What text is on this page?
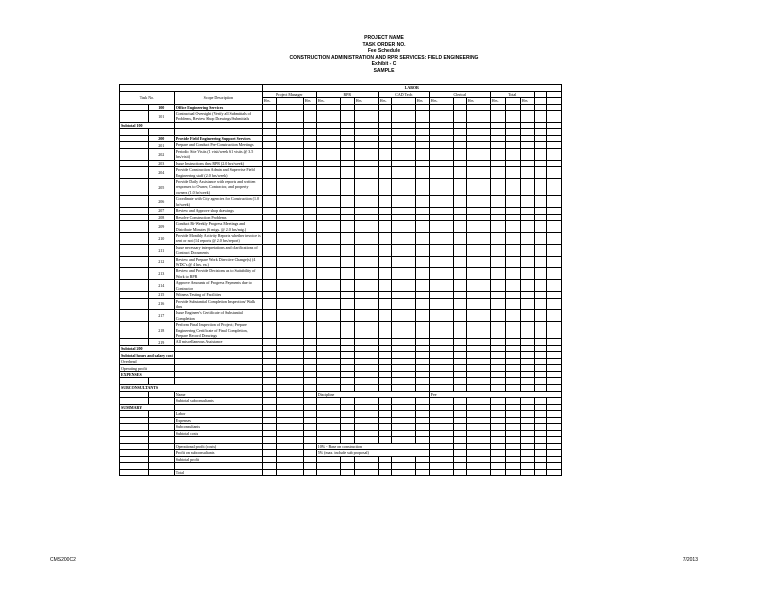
PROJECT NAME
TASK ORDER NO.
Fee Schedule
CONSTRUCTION ADMINISTRATION AND RPR SERVICES: FIELD ENGINEERING
Exhibit - C
SAMPLE
			LABOR																
Task No.		Scope Description	Project Manager			RPR			CAD Tech			Clerical			Total				
			Hrs.		Hrs	Hrs.		Hrs	Hrs.		Hrs	Hrs.		Hrs	Hrs.		Hrs		
	100	Office Engineering Services																	
	101	Contractual Oversight (Verify all Submittals of Problems, Review Shop Drawings/Submittals																	

Subtotal 100																			

	200	Provide Field Engineering Support Services																	
	201	Prepare and Conduct Pre-Construction Meetings																	
	202	Periodic Site Visits (1 visit/week 61 visits @ 3.5 hrs/visit)																	

	203	Issue Instructions thru RPR (2.0 hrs/week)																	
	204	Provide Construction Admin and Supervise Field Engineering staff (2.0 hrs/week)																	

	205	Provide Daily Assistance with reports and written responses to Owner, Contractor, and property owners (1.0 hr/week)																	

	206	Coordinate with City agencies for Construction (1.0 hr/week)																	

	207	Review and Approve shop drawings																	
	208	Resolve Construction Problems																	
	209	Conduct Bi-Weekly Progress Meetings and Distribute Minutes (6 mtgs. @ 2.0 hrs/mtg.)																	

	210	Provide Monthly Activity Reports whether invoice is sent or not (14 reports @ 2.0 hrs/report)																	

	211	Issue necessary interpretations and clarifications of Contract Documents																	

	212	Review and Prepare Work Directive Change(s) (4 WDC's @ 4 hrs. ea.)																	

	213	Review and Provide Decisions as to Suitability of Work to RPR																	

	214	Approve Amounts of Progress Payments due to Contractor																	

	215	Witness Testing of Facilities																	
	216	Provide Substantial Completion Inspection/ Walk thru																	

	217	Issue Engineer's Certificate of Substantial Completion																	

	218	Perform Final Inspection of Project; Prepare Engineering Certificate of Final Completion, Prepare Record Drawings																	

	219	All miscellaneous Assistance																	
Subtotal 200																			
Subtotal hours and salary cost																			
Overhead																			
Operating profit																			
EXPENSES																			

SUBCONSULTANTS																			
		Name				Discipline						Fee							
		Subtotal subconsultants																	
SUMMARY																			
		Labor																	
		Expenses																	
		Subconsultants																	
		Subtotal costs																	

		Operational profit (costs)				10% - Base on construction													
		Profit on subconsultants				5% (max. include sub proposal)													
		Subtotal profit																	

		Total																	
CMS200C2	7/2013
